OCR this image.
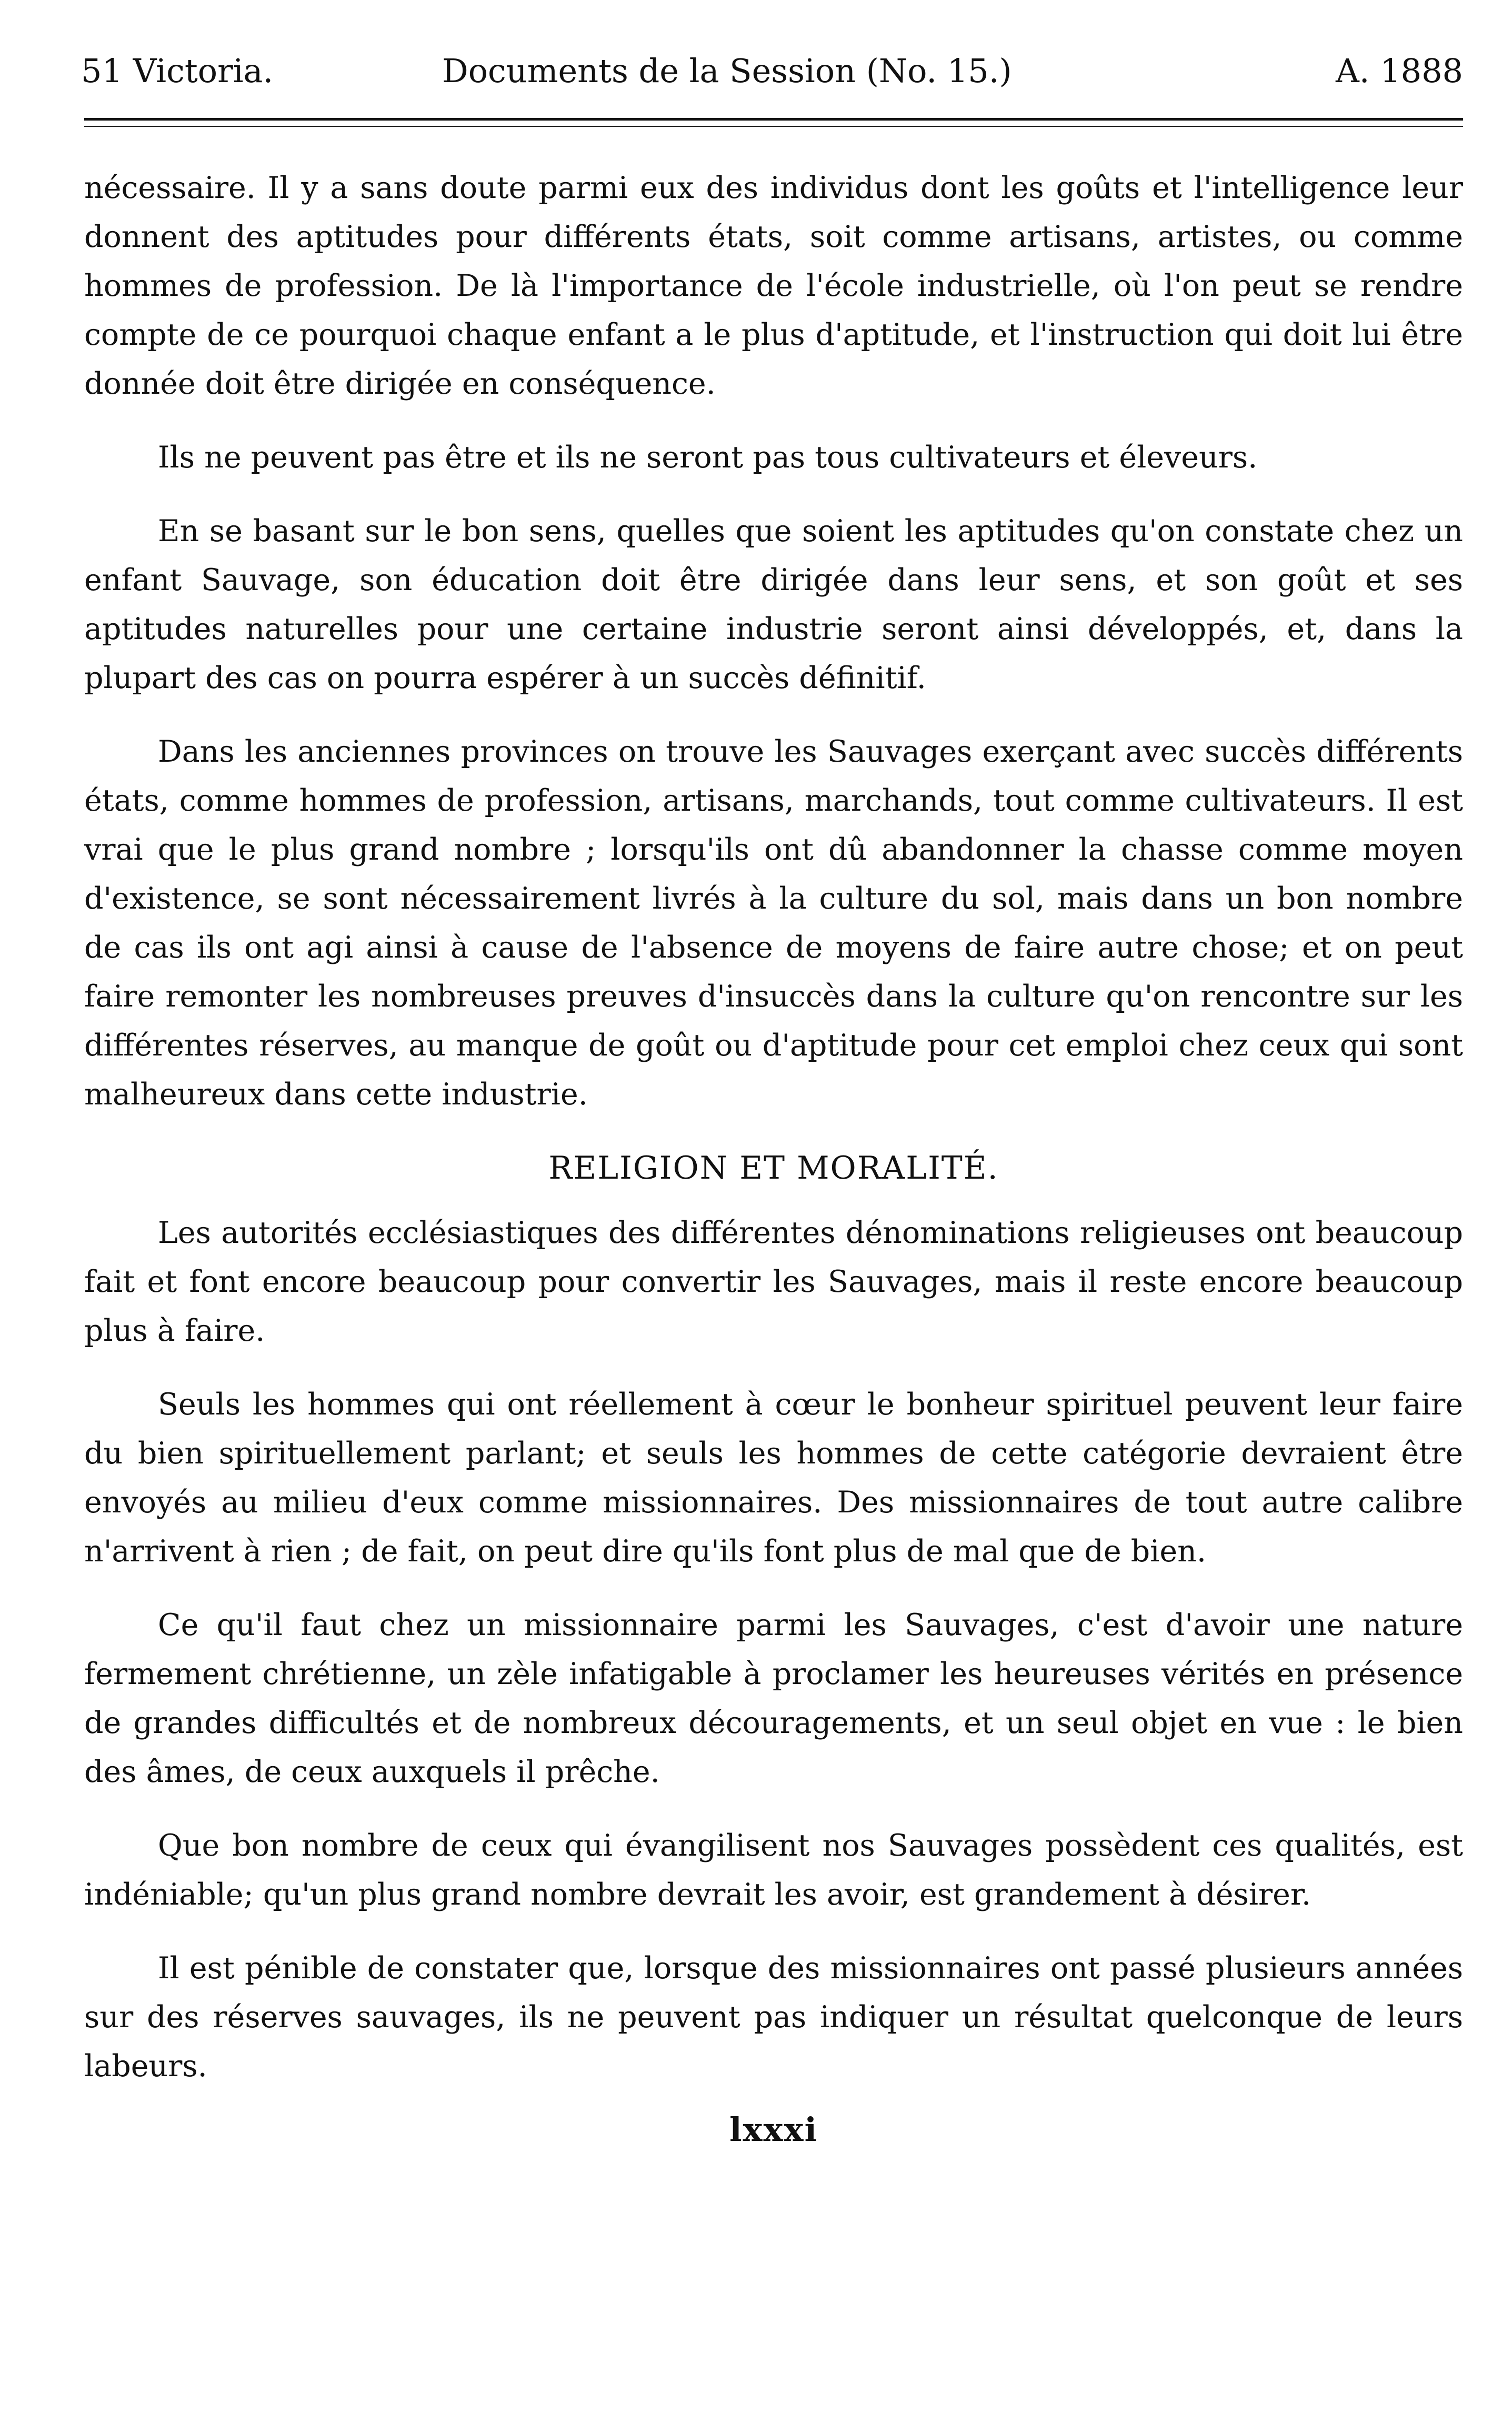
51 Victoria.	Documents de la Session (No. 15.)	A. 1888

nécessaire. Il y a sans doute parmi eux des individus dont les goûts et l'intelligence leur donnent des aptitudes pour différents états, soit comme artisans, artistes, ou comme hommes de profession. De là l'importance de l'école industrielle, où l'on peut se rendre compte de ce pourquoi chaque enfant a le plus d'aptitude, et l'instruction qui doit lui être donnée doit être dirigée en conséquence.

Ils ne peuvent pas être et ils ne seront pas tous cultivateurs et éleveurs.

En se basant sur le bon sens, quelles que soient les aptitudes qu'on constate chez un enfant Sauvage, son éducation doit être dirigée dans leur sens, et son goût et ses aptitudes naturelles pour une certaine industrie seront ainsi développés, et, dans la plupart des cas on pourra espérer à un succès définitif.

Dans les anciennes provinces on trouve les Sauvages exerçant avec succès différents états, comme hommes de profession, artisans, marchands, tout comme cultivateurs. Il est vrai que le plus grand nombre ; lorsqu'ils ont dû abandonner la chasse comme moyen d'existence, se sont nécessairement livrés à la culture du sol, mais dans un bon nombre de cas ils ont agi ainsi à cause de l'absence de moyens de faire autre chose; et on peut faire remonter les nombreuses preuves d'insuccès dans la culture qu'on rencontre sur les différentes réserves, au manque de goût ou d'aptitude pour cet emploi chez ceux qui sont malheureux dans cette industrie.

RELIGION ET MORALITÉ.

Les autorités ecclésiastiques des différentes dénominations religieuses ont beaucoup fait et font encore beaucoup pour convertir les Sauvages, mais il reste encore beaucoup plus à faire.

Seuls les hommes qui ont réellement à cœur le bonheur spirituel peuvent leur faire du bien spirituellement parlant; et seuls les hommes de cette catégorie devraient être envoyés au milieu d'eux comme missionnaires. Des missionnaires de tout autre calibre n'arrivent à rien ; de fait, on peut dire qu'ils font plus de mal que de bien.

Ce qu'il faut chez un missionnaire parmi les Sauvages, c'est d'avoir une nature fermement chrétienne, un zèle infatigable à proclamer les heureuses vérités en présence de grandes difficultés et de nombreux découragements, et un seul objet en vue : le bien des âmes, de ceux auxquels il prêche.

Que bon nombre de ceux qui évangilisent nos Sauvages possèdent ces qualités, est indéniable; qu'un plus grand nombre devrait les avoir, est grandement à désirer.

Il est pénible de constater que, lorsque des missionnaires ont passé plusieurs années sur des réserves sauvages, ils ne peuvent pas indiquer un résultat quelconque de leurs labeurs.

lxxxi
